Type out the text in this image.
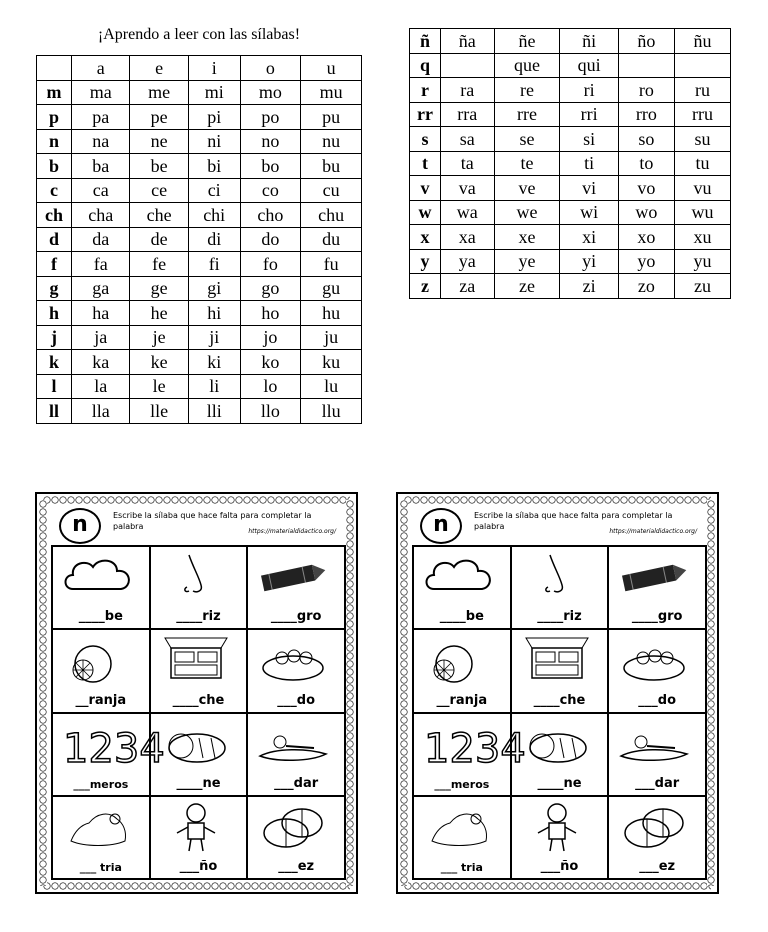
¡Aprendo a leer con las sílabas!
	a	e	i	o	u
m	ma	me	mi	mo	mu
p	pa	pe	pi	po	pu
n	na	ne	ni	no	nu
b	ba	be	bi	bo	bu
c	ca	ce	ci	co	cu
ch	cha	che	chi	cho	chu
d	da	de	di	do	du
f	fa	fe	fi	fo	fu
g	ga	ge	gi	go	gu
h	ha	he	hi	ho	hu
j	ja	je	ji	jo	ju
k	ka	ke	ki	ko	ku
l	la	le	li	lo	lu
ll	lla	lle	lli	llo	llu
ñ	ña	ñe	ñi	ño	ñu
q		que	qui		
r	ra	re	ri	ro	ru
rr	rra	rre	rri	rro	rru
s	sa	se	si	so	su
t	ta	te	ti	to	tu
v	va	ve	vi	vo	vu
w	wa	we	wi	wo	wu
x	xa	xe	xi	xo	xu
y	ya	ye	yi	yo	yu
z	za	ze	zi	zo	zu
n	Escribe la sílaba que hace falta para completar la palabra
https://materialdidactico.org/
____be	____riz	____gro
__ranja	____che	___do
1234
___meros	____ne	___dar
___ tria	___ño	___ez
n	Escribe la sílaba que hace falta para completar la palabra
https://materialdidactico.org/
____be	____riz	____gro
__ranja	____che	___do
1234
___meros	____ne	___dar
___ tria	___ño	___ez
